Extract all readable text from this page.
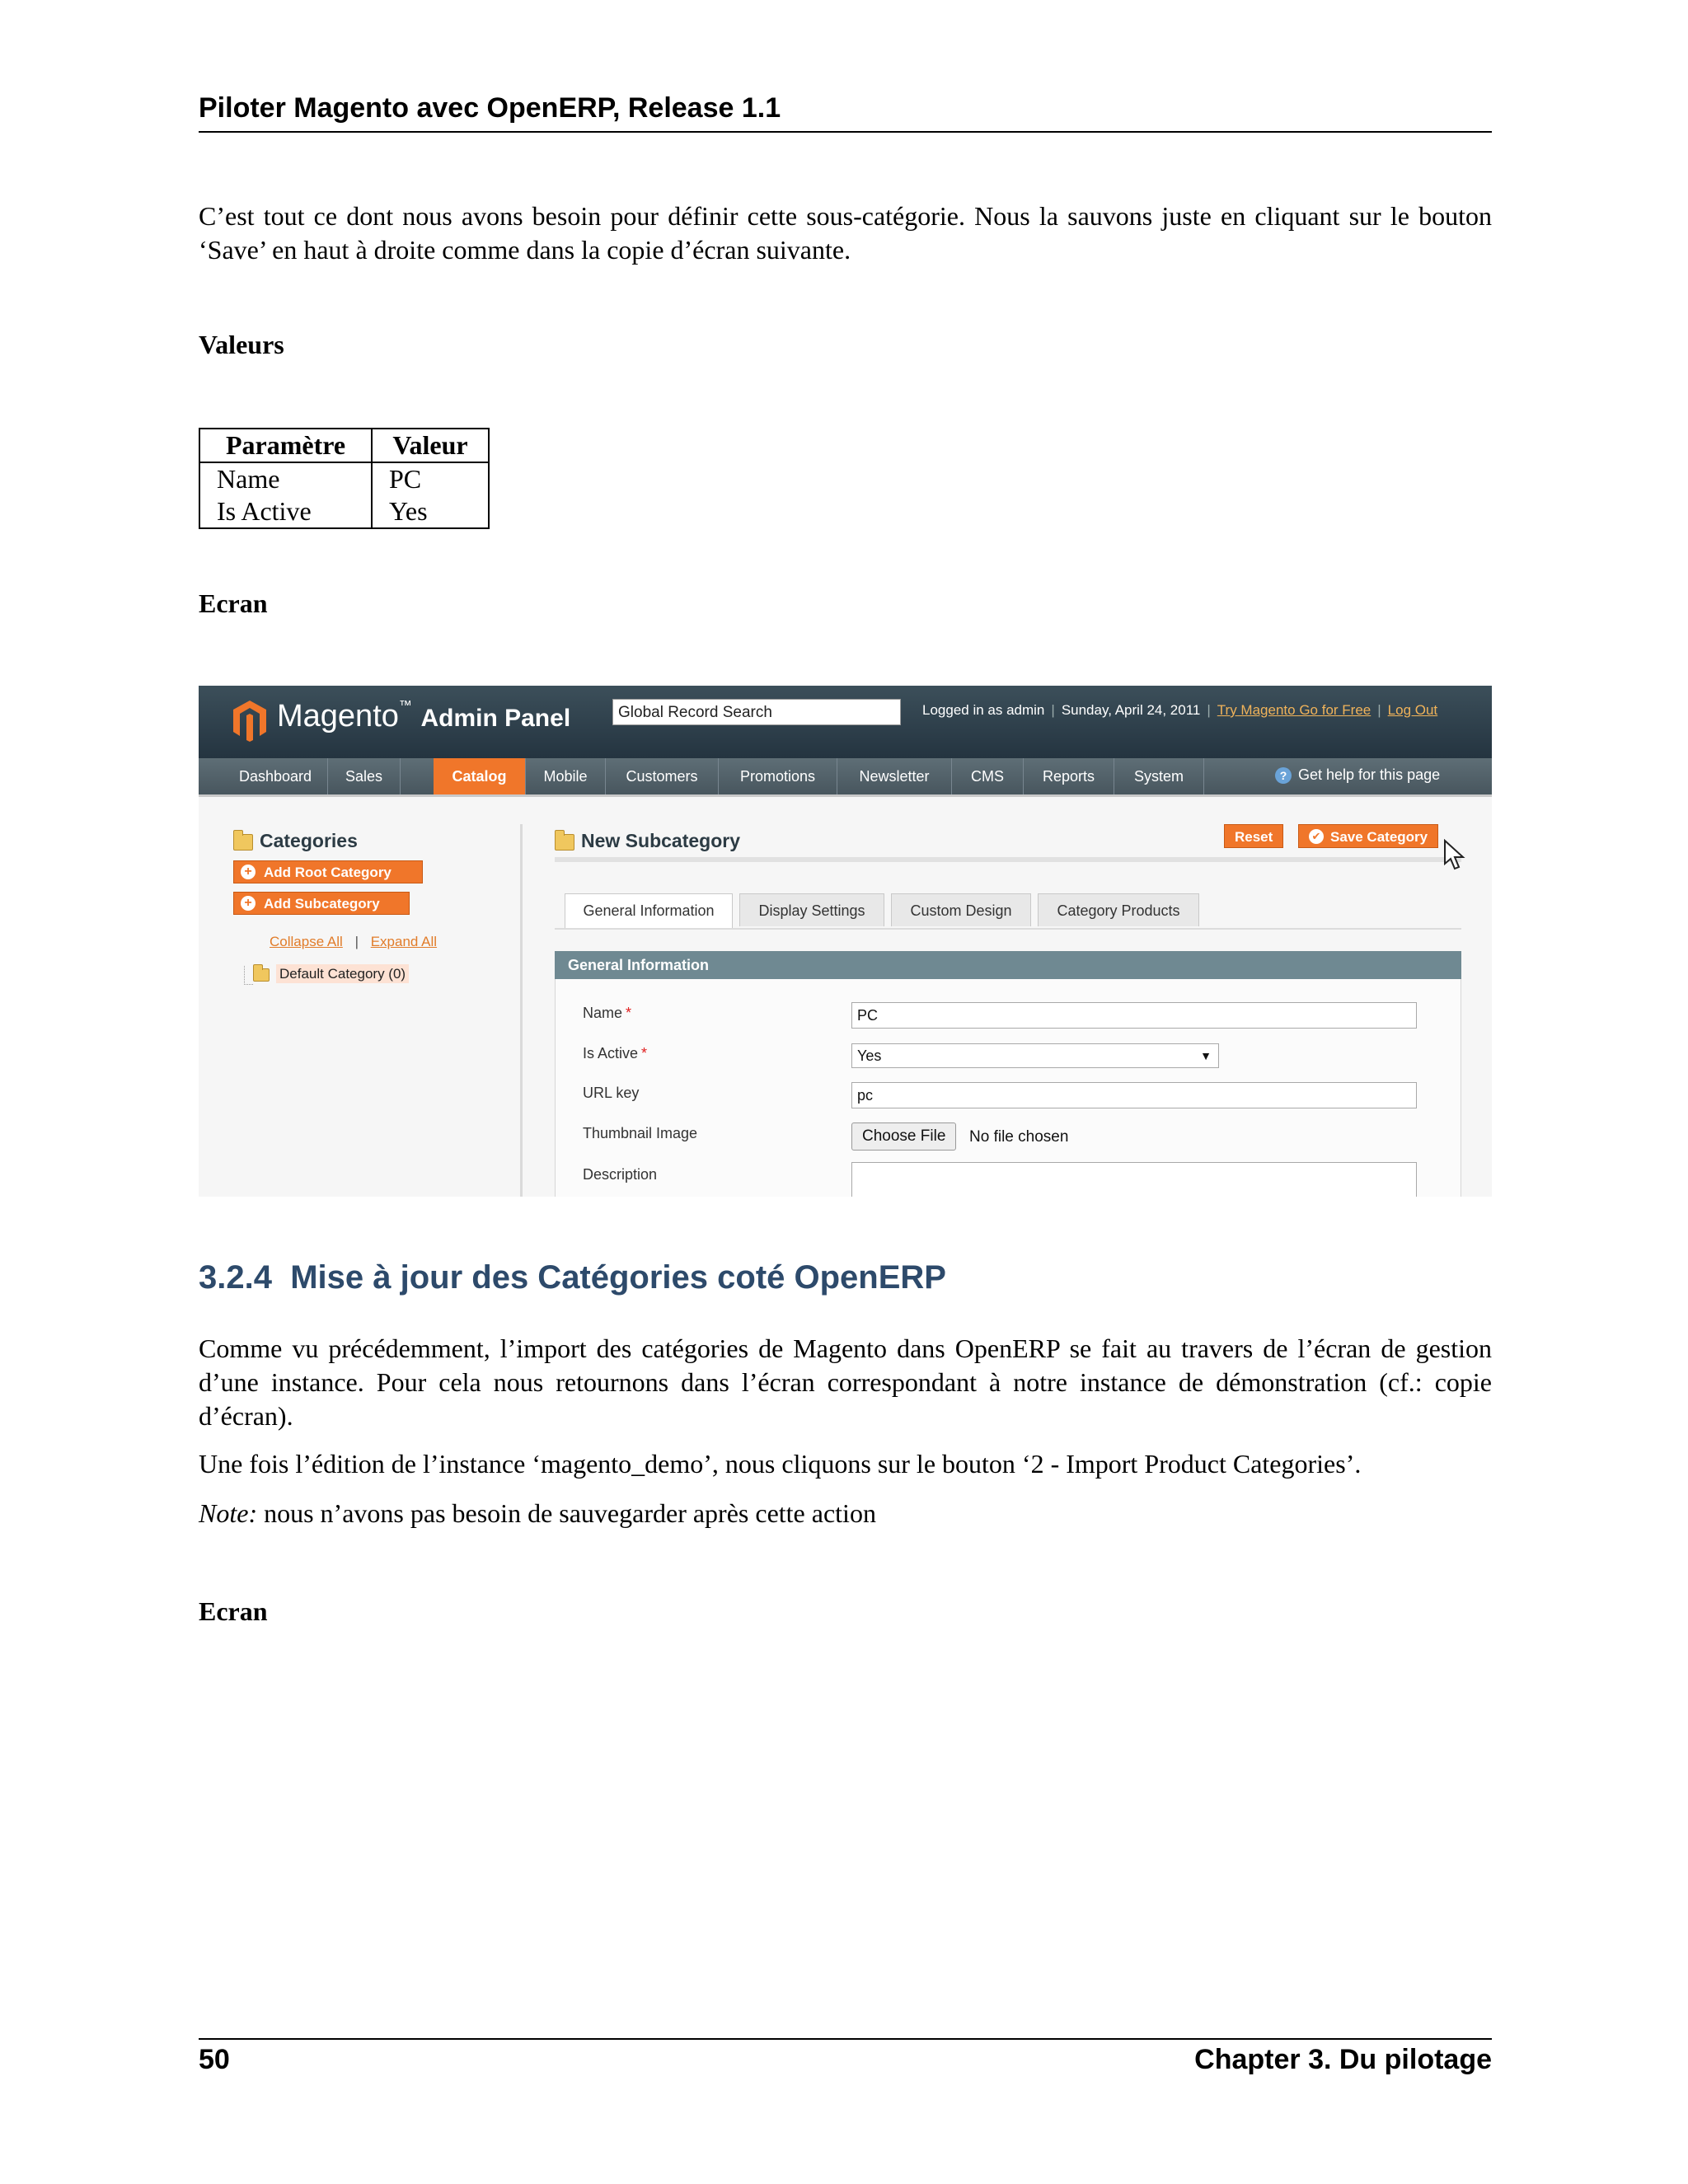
Piloter Magento avec OpenERP, Release 1.1
C’est tout ce dont nous avons besoin pour définir cette sous-catégorie. Nous la sauvons juste en cliquant sur le bouton ‘Save’ en haut à droite comme dans la copie d’écran suivante.
Valeurs
Paramètre	Valeur
Name	PC
Is Active	Yes
Ecran
Magento™ Admin Panel	Global Record Search	Logged in as admin | Sunday, April 24, 2011 | Try Magento Go for Free | Log Out
Dashboard	Sales	Catalog	Mobile	Customers	Promotions	Newsletter	CMS	Reports	System	? Get help for this page
Categories
+ Add Root Category
+ Add Subcategory
Collapse All | Expand All
Default Category (0)
New Subcategory	Reset	✔ Save Category
General Information	Display Settings	Custom Design	Category Products
General Information
Name *	PC
Is Active *	Yes	▼
URL key	pc
Thumbnail Image	Choose File	No file chosen
Description
3.2.4 Mise à jour des Catégories coté OpenERP
Comme vu précédemment, l’import des catégories de Magento dans OpenERP se fait au travers de l’écran de gestion d’une instance. Pour cela nous retournons dans l’écran correspondant à notre instance de démonstration (cf.: copie d’écran).
Une fois l’édition de l’instance ‘magento_demo’, nous cliquons sur le bouton ‘2 - Import Product Categories’.
Note: nous n’avons pas besoin de sauvegarder après cette action
Ecran
50	Chapter 3. Du pilotage
